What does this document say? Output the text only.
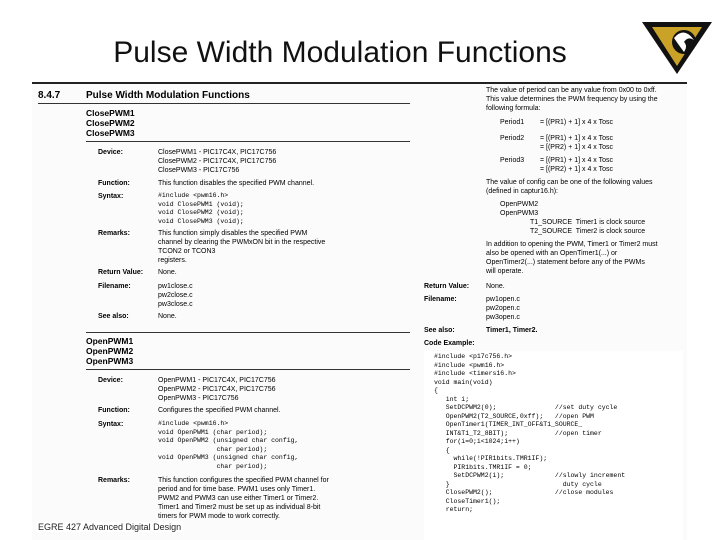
Pulse Width Modulation Functions
8.4.7	Pulse Width Modulation Functions
ClosePWM1
ClosePWM2
ClosePWM3
Device:	ClosePWM1 - PIC17C4X, PIC17C756
ClosePWM2 - PIC17C4X, PIC17C756
ClosePWM3 - PIC17C756
Function:	This function disables the specified PWM channel.
Syntax:	#include <pwm16.h>
void ClosePWM1 (void);
void ClosePWM2 (void);
void ClosePWM3 (void);
Remarks:	This function simply disables the specified PWM
channel by clearing the PWMxON bit in the respective
TCON2 or TCON3
registers.
Return Value: None.
Filename:	pw1close.c
pw2close.c
pw3close.c
See also:	None.
OpenPWM1
OpenPWM2
OpenPWM3
Device:	OpenPWM1 - PIC17C4X, PIC17C756
OpenPWM2 - PIC17C4X, PIC17C756
OpenPWM3 - PIC17C756
Function:	Configures the specified PWM channel.
Syntax:	#include <pwm16.h>
void OpenPWM1 (char period);
void OpenPWM2 (unsigned char config,
char period);
void OpenPWM3 (unsigned char config,
char period);
Remarks:	This function configures the specified PWM channel for
period and for time base. PWM1 uses only Timer1.
PWM2 and PWM3 can use either Timer1 or Timer2.
Timer1 and Timer2 must be set up as individual 8-bit
timers for PWM mode to work correctly.
The value of period can be any value from 0x00 to 0xff.
This value determines the PWM frequency by using the
following formula:
Period1 = [(PR1) + 1] x 4 x Tosc
Period2 = [(PR1) + 1] x 4 x Tosc
= [(PR2) + 1] x 4 x Tosc
Period3 = [(PR1) + 1] x 4 x Tosc
= [(PR2) + 1] x 4 x Tosc
The value of config can be one of the following values
(defined in captur16.h):
OpenPWM2
OpenPWM3
T1_SOURCE  Timer1 is clock source
T2_SOURCE  Timer2 is clock source
In addition to opening the PWM, Timer1 or Timer2 must
also be opened with an OpenTimer1(...) or
OpenTimer2(...) statement before any of the PWMs
will operate.
Return Value: None.
Filename:	pw1open.c
pw2open.c
pw3open.c
See also:	Timer1, Timer2.
Code Example:
#include <p17c756.h>
#include <pwm16.h>
#include <timers16.h>
void main(void)
{
int i;
SetDCPWM2(0);               //set duty cycle
OpenPWM2(T2_SOURCE,0xff);   //open PWM
OpenTimer1(TIMER_INT_OFF&T1_SOURCE_
INT&T1_T2_8BIT);            //open timer
for(i=0;i<1024;i++)
{
while(!PIR1bits.TMR1IF);
PIR1bits.TMR1IF = 0;
SetDCPWM2(i);             //slowly increment
}                             duty cycle
ClosePWM2();                //close modules
CloseTimer1();
return;
EGRE 427 Advanced Digital Design
